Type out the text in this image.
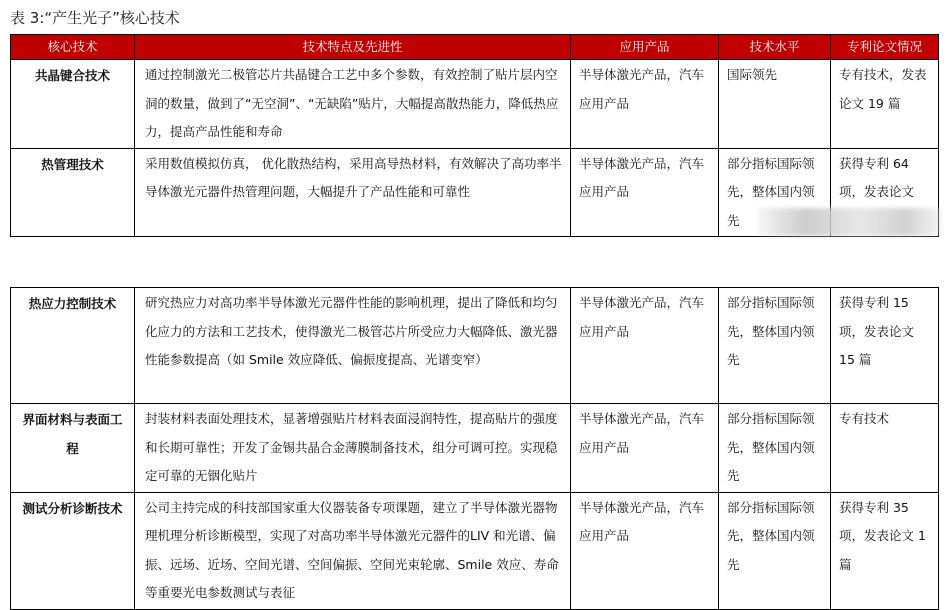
表 3:“产生光子”核心技术
核心技术	技术特点及先进性	应用产品	技术水平	专利论文情况
共晶键合技术	通过控制激光二极管芯片共晶键合工艺中多个参数，有效控制了贴片层内空洞的数量，做到了“无空洞”、“无缺陷”贴片，大幅提高散热能力，降低热应力，提高产品性能和寿命	半导体激光产品，汽车应用产品	国际领先	专有技术，发表论文 19 篇
热管理技术	采用数值模拟仿真， 优化散热结构，采用高导热材料，有效解决了高功率半导体激光元器件热管理问题，大幅提升了产品性能和可靠性	半导体激光产品，汽车应用产品	部分指标国际领先，整体国内领先	获得专利 64 项，发表论文
热应力控制技术	研究热应力对高功率半导体激光元器件性能的影响机理，提出了降低和均匀化应力的方法和工艺技术，使得激光二极管芯片所受应力大幅降低、激光器性能参数提高（如 Smile 效应降低、偏振度提高、光谱变窄）	半导体激光产品，汽车应用产品	部分指标国际领先，整体国内领先	获得专利 15 项，发表论文 15 篇
界面材料与表面工程	封装材料表面处理技术，显著增强贴片材料表面浸润特性，提高贴片的强度和长期可靠性；开发了金锡共晶合金薄膜制备技术，组分可调可控。实现稳定可靠的无铟化贴片	半导体激光产品，汽车应用产品	部分指标国际领先，整体国内领先	专有技术
测试分析诊断技术	公司主持完成的科技部国家重大仪器装备专项课题，建立了半导体激光器物理机理分析诊断模型，实现了对高功率半导体激光元器件的LIV 和光谱、偏振、远场、近场、空间光谱、空间偏振、空间光束轮廓、Smile 效应、寿命等重要光电参数测试与表征	半导体激光产品，汽车应用产品	部分指标国际领先，整体国内领先	获得专利 35 项，发表论文 1 篇
